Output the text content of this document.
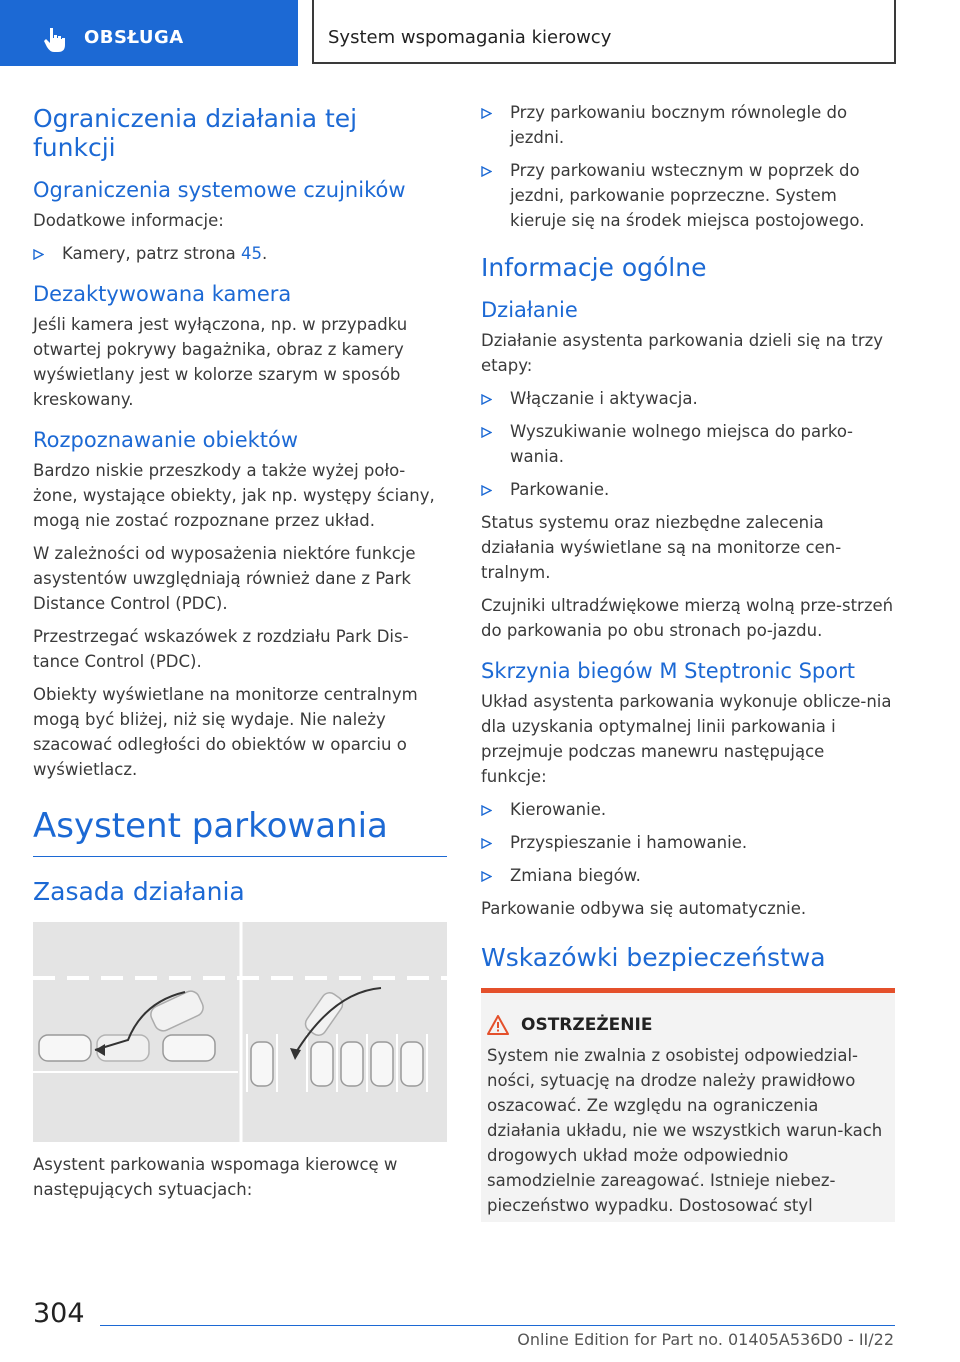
OBSŁUGA	System wspomagania kierowcy
Ograniczenia działania tej funkcji
Ograniczenia systemowe czujników

Dodatkowe informacje:

Kamery, patrz strona 45.
Dezaktywowana kamera

Jeśli kamera jest wyłączona, np. w przypadku otwartej pokrywy bagażnika, obraz z kamery wyświetlany jest w kolorze szarym w sposób kreskowany.

Rozpoznawanie obiektów

Bardzo niskie przeszkody a także wyżej poło‐żone, wystające obiekty, jak np. występy ściany, mogą nie zostać rozpoznane przez układ.

W zależności od wyposażenia niektóre funkcje asystentów uwzględniają również dane z Park Distance Control (PDC).

Przestrzegać wskazówek z rozdziału Park Dis‐tance Control (PDC).

Obiekty wyświetlane na monitorze centralnym mogą być bliżej, niż się wydaje. Nie należy szacować odległości do obiektów w oparciu o wyświetlacz.

Asystent parkowania
Zasada działania

Asystent parkowania wspomaga kierowcę w następujących sytuacjach:

Przy parkowaniu bocznym równolegle do jezdni.
Przy parkowaniu wstecznym w poprzek do jezdni, parkowanie poprzeczne. System kieruje się na środek miejsca postojowego.
Informacje ogólne
Działanie

Działanie asystenta parkowania dzieli się na trzy etapy:

Włączanie i aktywacja.
Wyszukiwanie wolnego miejsca do parko‐wania.
Parkowanie.

Status systemu oraz niezbędne zalecenia działania wyświetlane są na monitorze cen‐tralnym.

Czujniki ultradźwiękowe mierzą wolną prze‐strzeń do parkowania po obu stronach po‐jazdu.

Skrzynia biegów M Steptronic Sport

Układ asystenta parkowania wykonuje oblicze‐nia dla uzyskania optymalnej linii parkowania i przejmuje podczas manewru następujące funkcje:

Kierowanie.
Przyspieszanie i hamowanie.
Zmiana biegów.

Parkowanie odbywa się automatycznie.

Wskazówki bezpieczeństwa
OSTRZEŻENIE

System nie zwalnia z osobistej odpowiedzial‐ności, sytuację na drodze należy prawidłowo oszacować. Ze względu na ograniczenia działania układu, nie we wszystkich warun‐kach drogowych układ może odpowiednio samodzielnie zareagować. Istnieje niebez‐pieczeństwo wypadku. Dostosować styl

304
Online Edition for Part no. 01405A536D0 - II/22
